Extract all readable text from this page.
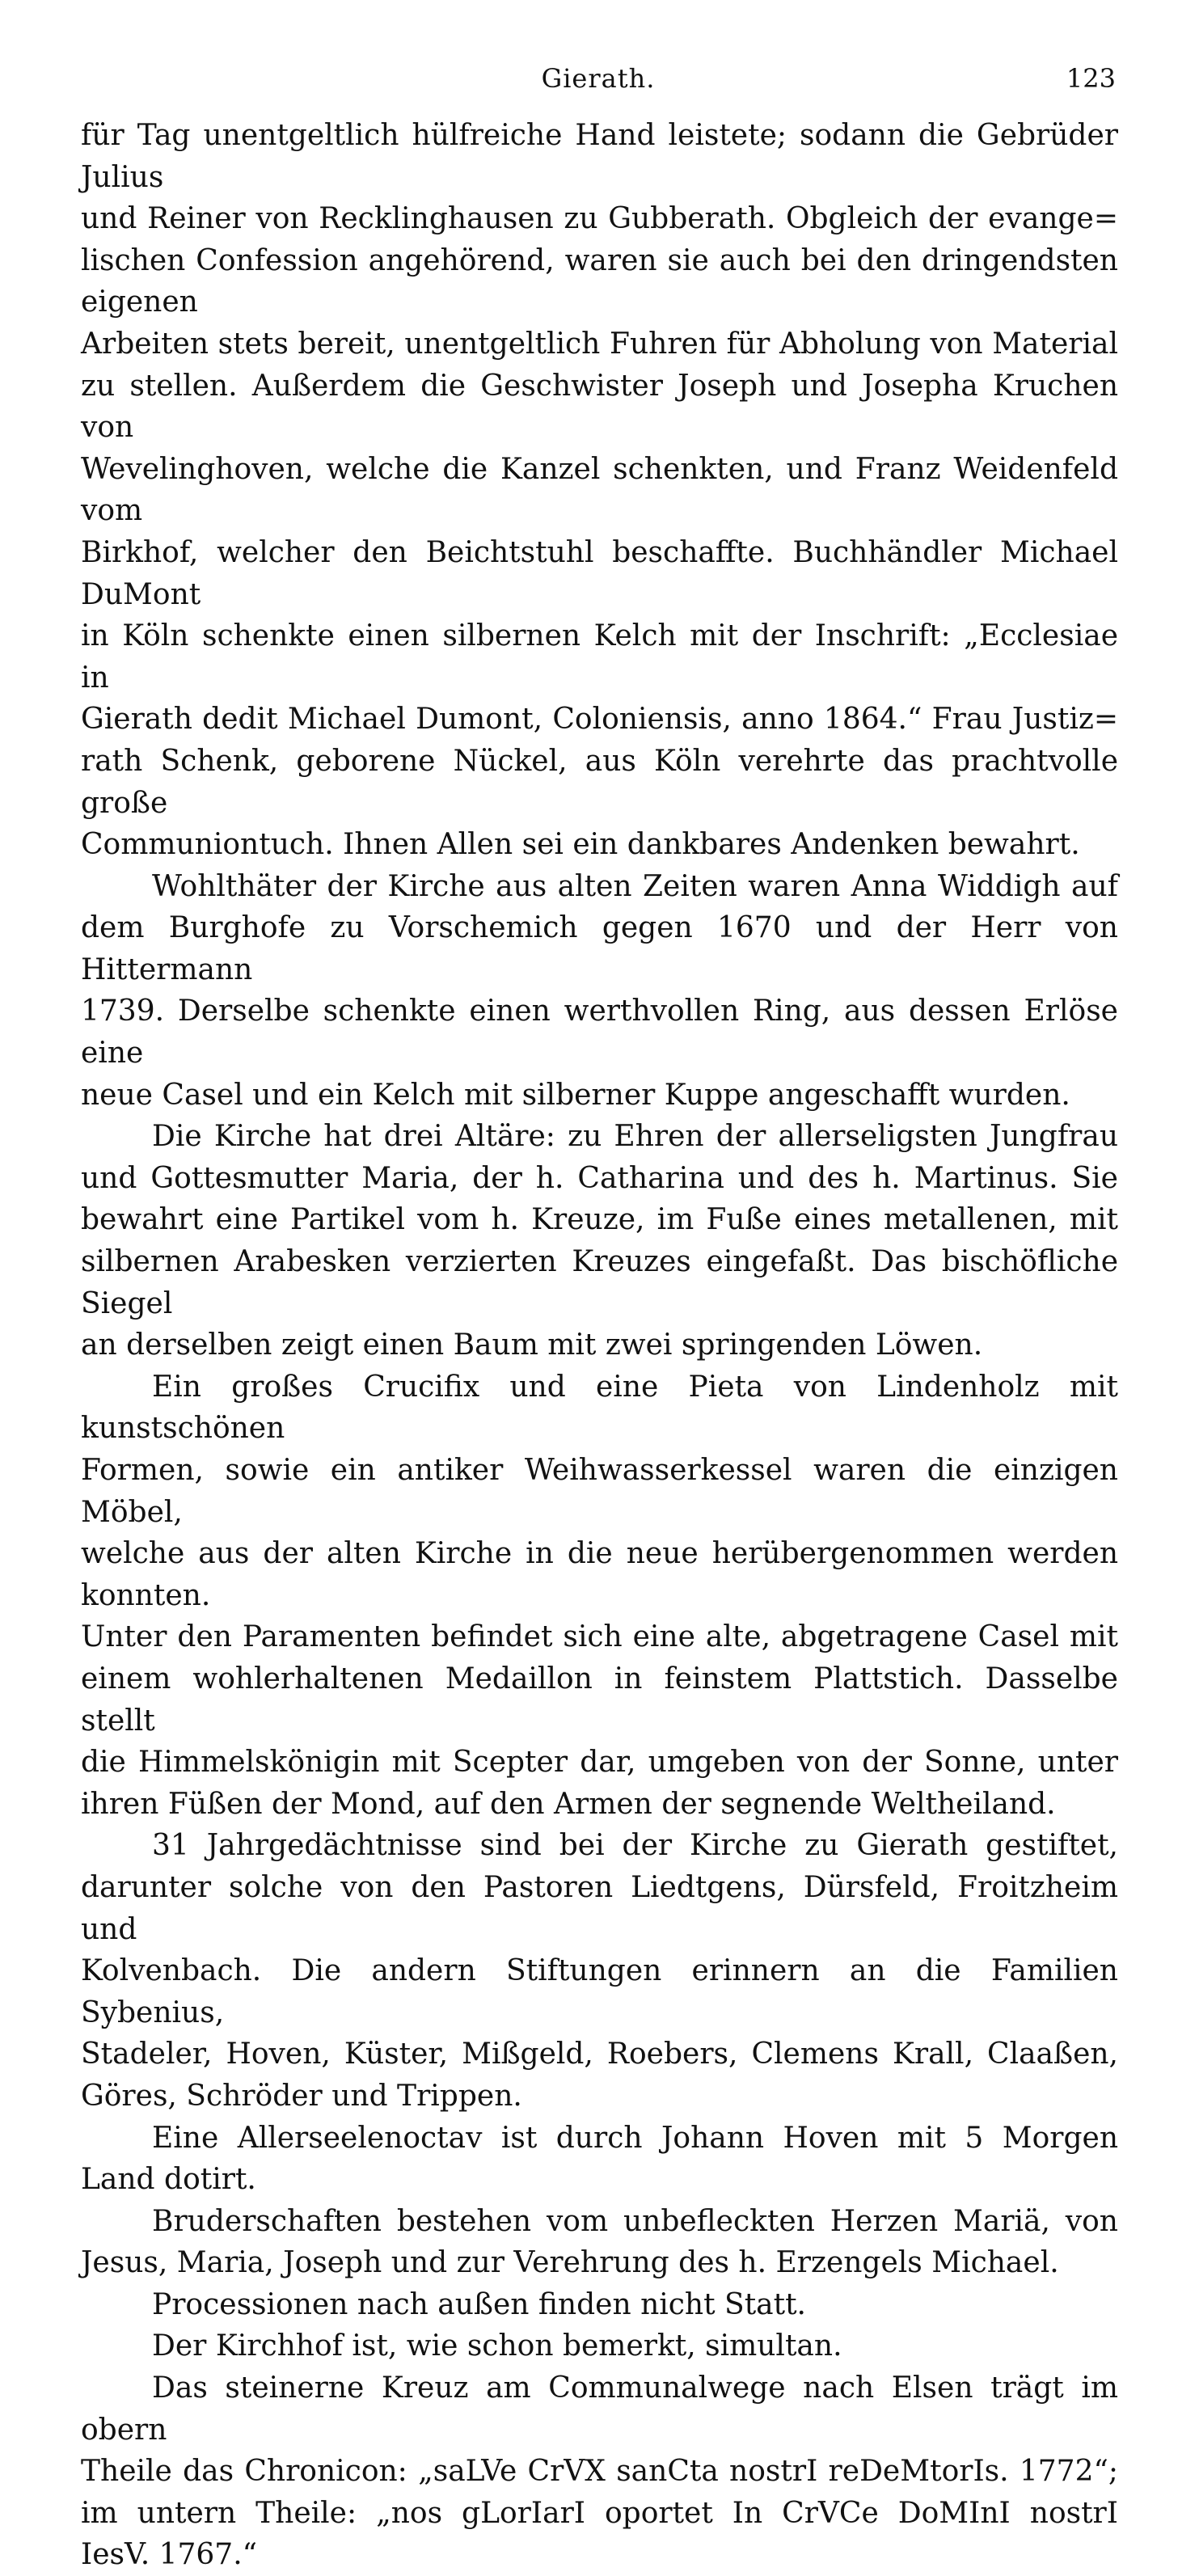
Gierath.	123

für Tag unentgeltlich hülfreiche Hand leistete; sodann die Gebrüder Julius
und Reiner von Recklinghausen zu Gubberath. Obgleich der evange=
lischen Confession angehörend, waren sie auch bei den dringendsten eigenen
Arbeiten stets bereit, unentgeltlich Fuhren für Abholung von Material
zu stellen. Außerdem die Geschwister Joseph und Josepha Kruchen von
Wevelinghoven, welche die Kanzel schenkten, und Franz Weidenfeld vom
Birkhof, welcher den Beichtstuhl beschaffte. Buchhändler Michael DuMont
in Köln schenkte einen silbernen Kelch mit der Inschrift: „Ecclesiae in
Gierath dedit Michael Dumont, Coloniensis, anno 1864.“ Frau Justiz=
rath Schenk, geborene Nückel, aus Köln verehrte das prachtvolle große
Communiontuch. Ihnen Allen sei ein dankbares Andenken bewahrt.

Wohlthäter der Kirche aus alten Zeiten waren Anna Widdigh auf
dem Burghofe zu Vorschemich gegen 1670 und der Herr von Hittermann
1739. Derselbe schenkte einen werthvollen Ring, aus dessen Erlöse eine
neue Casel und ein Kelch mit silberner Kuppe angeschafft wurden.

Die Kirche hat drei Altäre: zu Ehren der allerseligsten Jungfrau
und Gottesmutter Maria, der h. Catharina und des h. Martinus. Sie
bewahrt eine Partikel vom h. Kreuze, im Fuße eines metallenen, mit
silbernen Arabesken verzierten Kreuzes eingefaßt. Das bischöfliche Siegel
an derselben zeigt einen Baum mit zwei springenden Löwen.

Ein großes Crucifix und eine Pieta von Lindenholz mit kunstschönen
Formen, sowie ein antiker Weihwasserkessel waren die einzigen Möbel,
welche aus der alten Kirche in die neue herübergenommen werden konnten.
Unter den Paramenten befindet sich eine alte, abgetragene Casel mit
einem wohlerhaltenen Medaillon in feinstem Plattstich. Dasselbe stellt
die Himmelskönigin mit Scepter dar, umgeben von der Sonne, unter
ihren Füßen der Mond, auf den Armen der segnende Weltheiland.

31 Jahrgedächtnisse sind bei der Kirche zu Gierath gestiftet,
darunter solche von den Pastoren Liedtgens, Dürsfeld, Froitzheim und
Kolvenbach. Die andern Stiftungen erinnern an die Familien Sybenius,
Stadeler, Hoven, Küster, Mißgeld, Roebers, Clemens Krall, Claaßen,
Göres, Schröder und Trippen.

Eine Allerseelenoctav ist durch Johann Hoven mit 5 Morgen Land dotirt.

Bruderschaften bestehen vom unbefleckten Herzen Mariä, von
Jesus, Maria, Joseph und zur Verehrung des h. Erzengels Michael.

Processionen nach außen finden nicht Statt.

Der Kirchhof ist, wie schon bemerkt, simultan.

Das steinerne Kreuz am Communalwege nach Elsen trägt im obern
Theile das Chronicon: „saLVe CrVX sanCta nostrI reDeMtorIs. 1772“;
im untern Theile: „nos gLorIarI oportet In CrVCe DoMInI nostrI
IesV. 1767.“
